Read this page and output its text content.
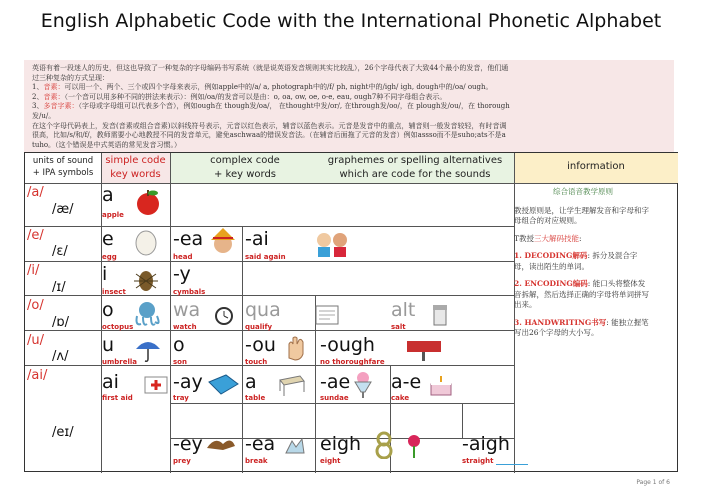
English Alphabetic Code with the International Phonetic Alphabet
英语有着一段迷人的历史，但这也导致了一种复杂的字母编码书写系统（就是说英语发音规则其实比较乱），26个字母代表了大致44个最小的发音，他们通
过三种复杂的方式呈现：
1、音素：可以用一个、两个、三个或四个字母来表示，例如apple中的/a/ a, photograph中的/f/ ph, night中的/igh/ igh, dough中的/oa/ ough。
2、音素：（一个音可以用多种不同的拼法来表示）：例如/oa/的发音可以是由：o, oa, ow, oe, o-e, eau, ough7种不同字母组合表示。
3、多音字素：（字母或字母组可以代表多个音），例如ough在 though发/oa/， 在thought中发/or/, 在through发/oo/，在 plough发/ou/，在 thorough
发/u/。
在这个字母代码表上，发音(音素或组合音素)以斜线符号表示，元音以红色表示，辅音以蓝色表示。元音是发音中的重点，辅音则一般发音较轻，有时音调
很高，比如/s/和/f/，教师需要小心地教授不同的发音单元，避免aschwaa的错误发音法。（在辅音后面拖了元音的发音）例如assso而不是suho;ats不是a
tuho。（这个错误是中式英语的常见发音习惯。）
units of sound
+ IPA symbols
simple code
key words
complex code
+ key words
graphemes or spelling alternatives
which are code for the sounds
information
/a/
/æ/
a
apple
/e/
/ɛ/
e
egg
-ea
head
-ai
said again
/i/
/ɪ/
i
insect
-y
cymbals
/o/
/ɒ/
o
octopus
wa
watch
qua
qualify
alt
salt
/u/
/ʌ/
u
umbrella
o
son
-ou
touch
-ough
no thoroughfare
/ai/
/eɪ/
ai
first aid
-ay
tray
a
table
-ae
sundae
a-e
cake
-ey
prey
-ea
break
eigh
eight
-aigh
straight
综合语音教学原则

教授原则是，让学生理解发音和字母和字母组合的对应规则。

T教授三大解码技能:

1. DECODING解码: 拆分及混合字母，读出陌生的单词。

2. ENCODING编码: 能口头将整体发音拆解，然后选择正确的字母将单词拼写出来。

3. HANDWRITING书写: 能独立握笔写出26个字母的大小写。

Page 1 of 6
